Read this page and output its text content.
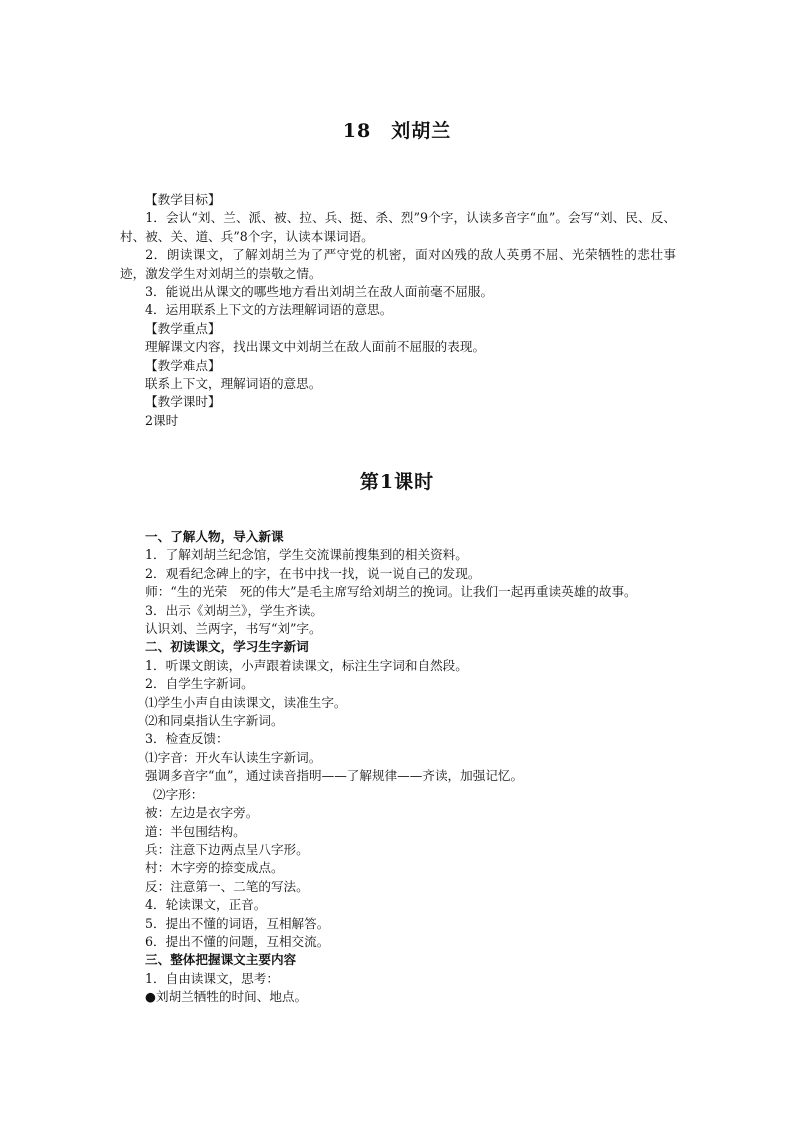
18　刘胡兰
【教学目标】
1．会认“刘、兰、派、被、拉、兵、挺、杀、烈”9个字，认读多音字“血”。会写“刘、民、反、村、被、关、道、兵”8个字，认读本课词语。
2．朗读课文，了解刘胡兰为了严守党的机密，面对凶残的敌人英勇不屈、光荣牺牲的悲壮事迹，激发学生对刘胡兰的崇敬之情。
3．能说出从课文的哪些地方看出刘胡兰在敌人面前毫不屈服。
4．运用联系上下文的方法理解词语的意思。
【教学重点】
理解课文内容，找出课文中刘胡兰在敌人面前不屈服的表现。
【教学难点】
联系上下文，理解词语的意思。
【教学课时】
2课时
第1课时
一、了解人物，导入新课
1．了解刘胡兰纪念馆，学生交流课前搜集到的相关资料。
2．观看纪念碑上的字，在书中找一找，说一说自己的发现。
师：“生的光荣　死的伟大”是毛主席写给刘胡兰的挽词。让我们一起再重读英雄的故事。
3．出示《刘胡兰》，学生齐读。
认识刘、兰两字，书写“刘”字。
二、初读课文，学习生字新词
1．听课文朗读，小声跟着读课文，标注生字词和自然段。
2．自学生字新词。
⑴学生小声自由读课文，读准生字。
⑵和同桌指认生字新词。
3．检查反馈：
⑴字音：开火车认读生字新词。
强调多音字“血”，通过读音指明——了解规律——齐读，加强记忆。
⑵字形：
被：左边是衣字旁。
道：半包围结构。
兵：注意下边两点呈八字形。
村：木字旁的捺变成点。
反：注意第一、二笔的写法。
4．轮读课文，正音。
5．提出不懂的词语，互相解答。
6．提出不懂的问题，互相交流。
三、整体把握课文主要内容
1．自由读课文，思考：
●刘胡兰牺牲的时间、地点。
